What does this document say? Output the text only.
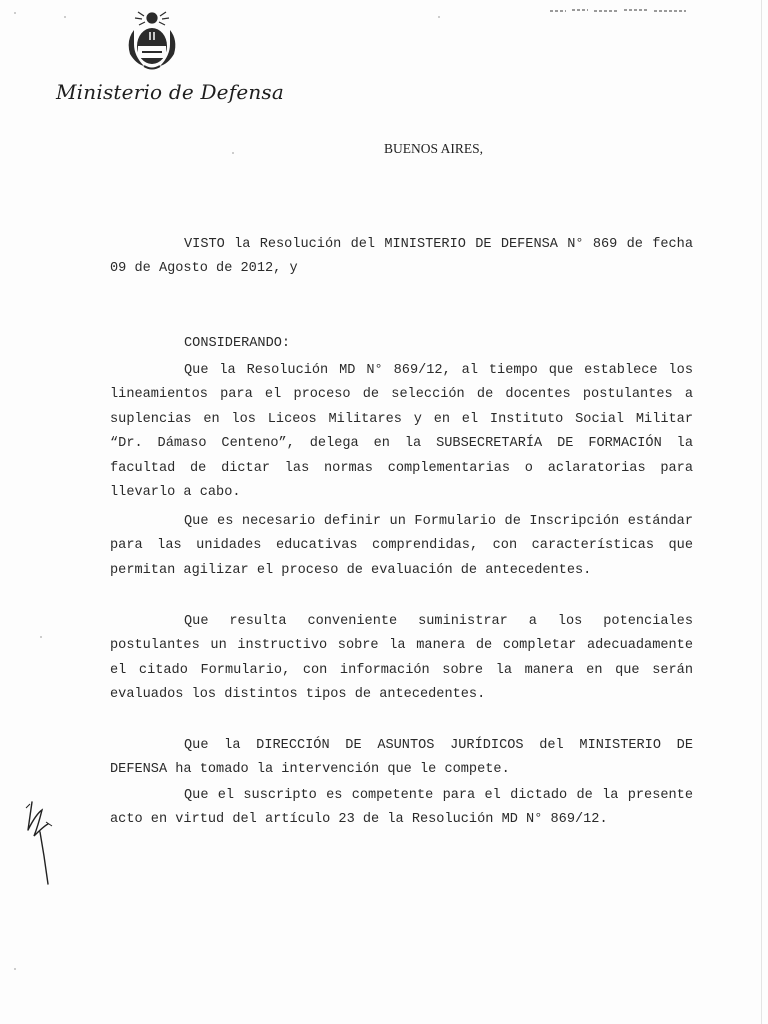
Ministerio de Defensa
BUENOS AIRES,

VISTO la Resolución del MINISTERIO DE DEFENSA N° 869 de fecha 09 de Agosto de 2012, y

CONSIDERANDO:

Que la Resolución MD N° 869/12, al tiempo que establece los lineamientos para el proceso de selección de docentes postulantes a suplencias en los Liceos Militares y en el Instituto Social Militar “Dr. Dámaso Centeno”, delega en la SUBSECRETARÍA DE FORMACIÓN la facultad de dictar las normas complementarias o aclaratorias para llevarlo a cabo.

Que es necesario definir un Formulario de Inscripción estándar para las unidades educativas comprendidas, con características que permitan agilizar el proceso de evaluación de antecedentes.

Que resulta conveniente suministrar a los potenciales postulantes un instructivo sobre la manera de completar adecuadamente el citado Formulario, con información sobre la manera en que serán evaluados los distintos tipos de antecedentes.

Que la DIRECCIÓN DE ASUNTOS JURÍDICOS del MINISTERIO DE DEFENSA ha tomado la intervención que le compete.

Que el suscripto es competente para el dictado de la presente acto en virtud del artículo 23 de la Resolución MD N° 869/12.
